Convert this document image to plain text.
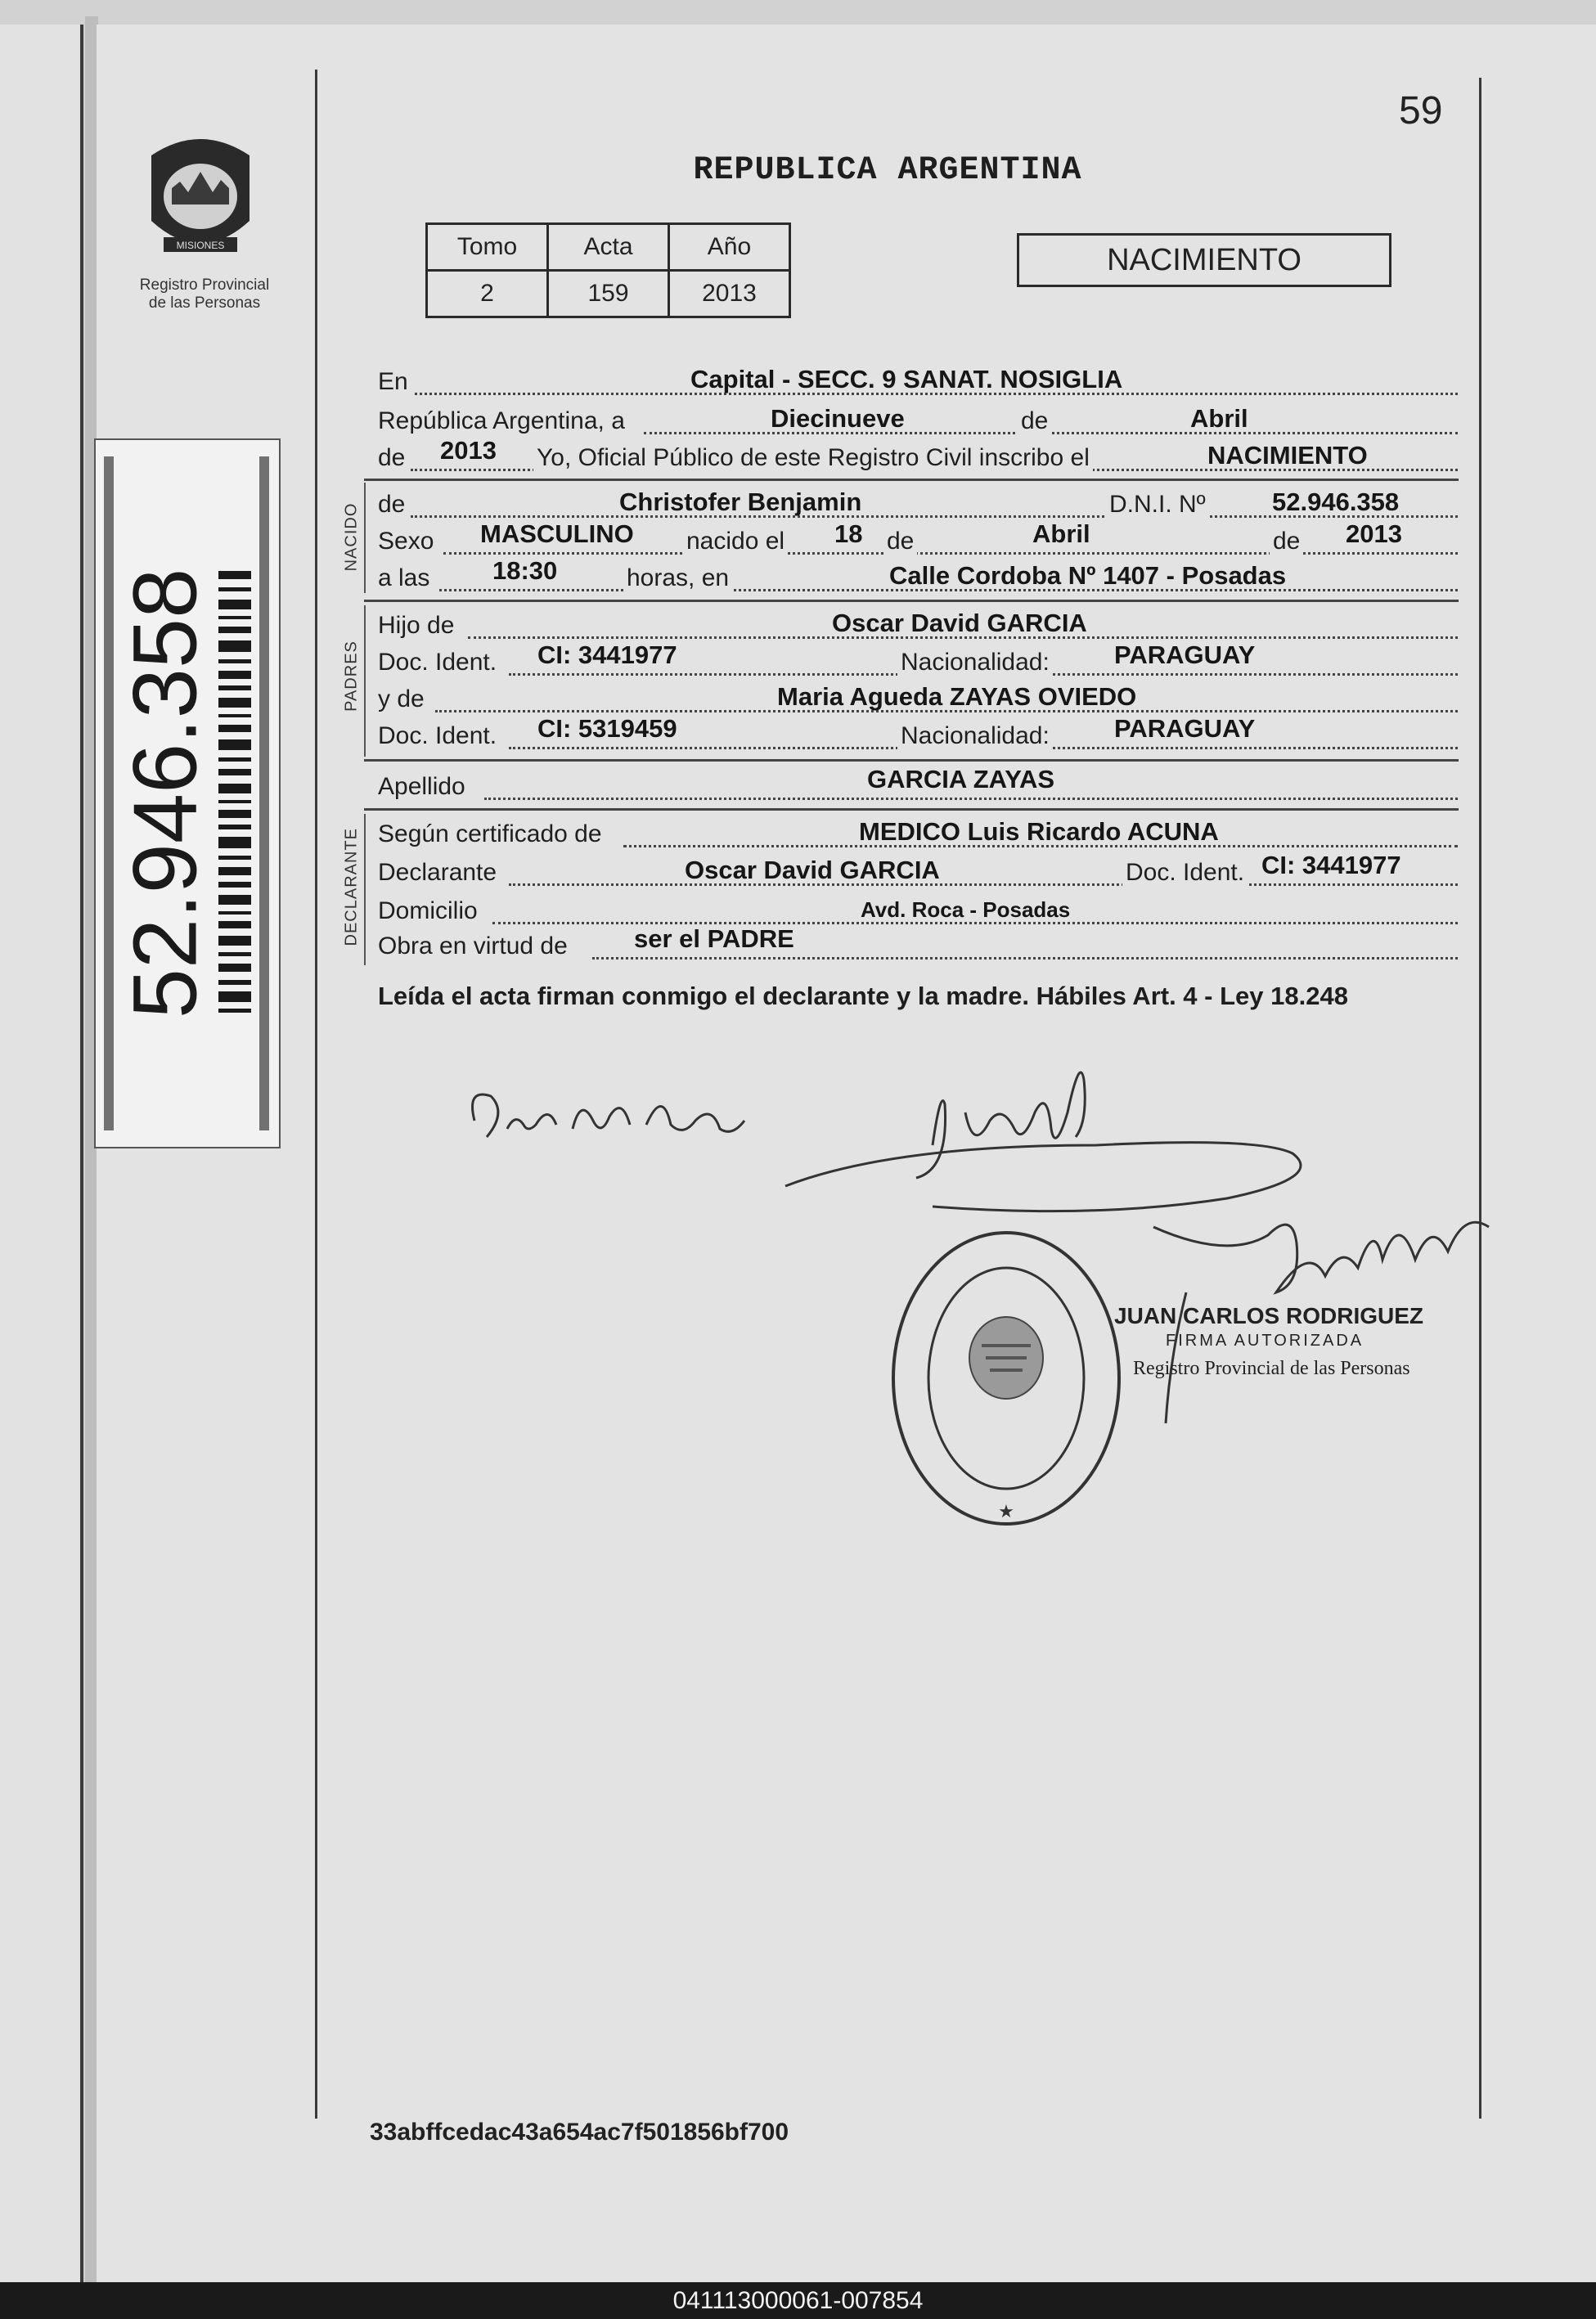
59
MISIONES
Registro Provincial
de las Personas
52.946.358
REPUBLICA ARGENTINA
Tomo	Acta	Año
2	159	2013
NACIMIENTO
En	Capital - SECC. 9 SANAT. NOSIGLIA
República Argentina, a	Diecinueve	de	Abril
de 2013 Yo, Oficial Público de este Registro Civil inscribo el	NACIMIENTO
NACIDO de	Christofer Benjamin	D.N.I. Nº	52.946.358
Sexo MASCULINO nacido el 18 de	Abril	de 2013
a las 18:30	horas, en	Calle Cordoba Nº 1407 - Posadas
PADRES
Hijo de	Oscar David GARCIA
Doc. Ident. CI: 3441977	Nacionalidad:	PARAGUAY
y de	Maria Agueda ZAYAS OVIEDO
Doc. Ident. CI: 5319459	Nacionalidad:	PARAGUAY
Apellido	GARCIA ZAYAS
DECLARANTE Según certificado de	MEDICO Luis Ricardo ACUNA
Declarante	Oscar David GARCIA	Doc. Ident. CI: 3441977
Domicilio	Avd. Roca - Posadas
Obra en virtud de	ser el PADRE
Leída el acta firman conmigo el declarante y la madre. Hábiles Art. 4 - Ley 18.248
★
JUAN CARLOS RODRIGUEZ
FIRMA AUTORIZADA
Registro Provincial de las Personas
33abffcedac43a654ac7f501856bf700
041113000061-007854
